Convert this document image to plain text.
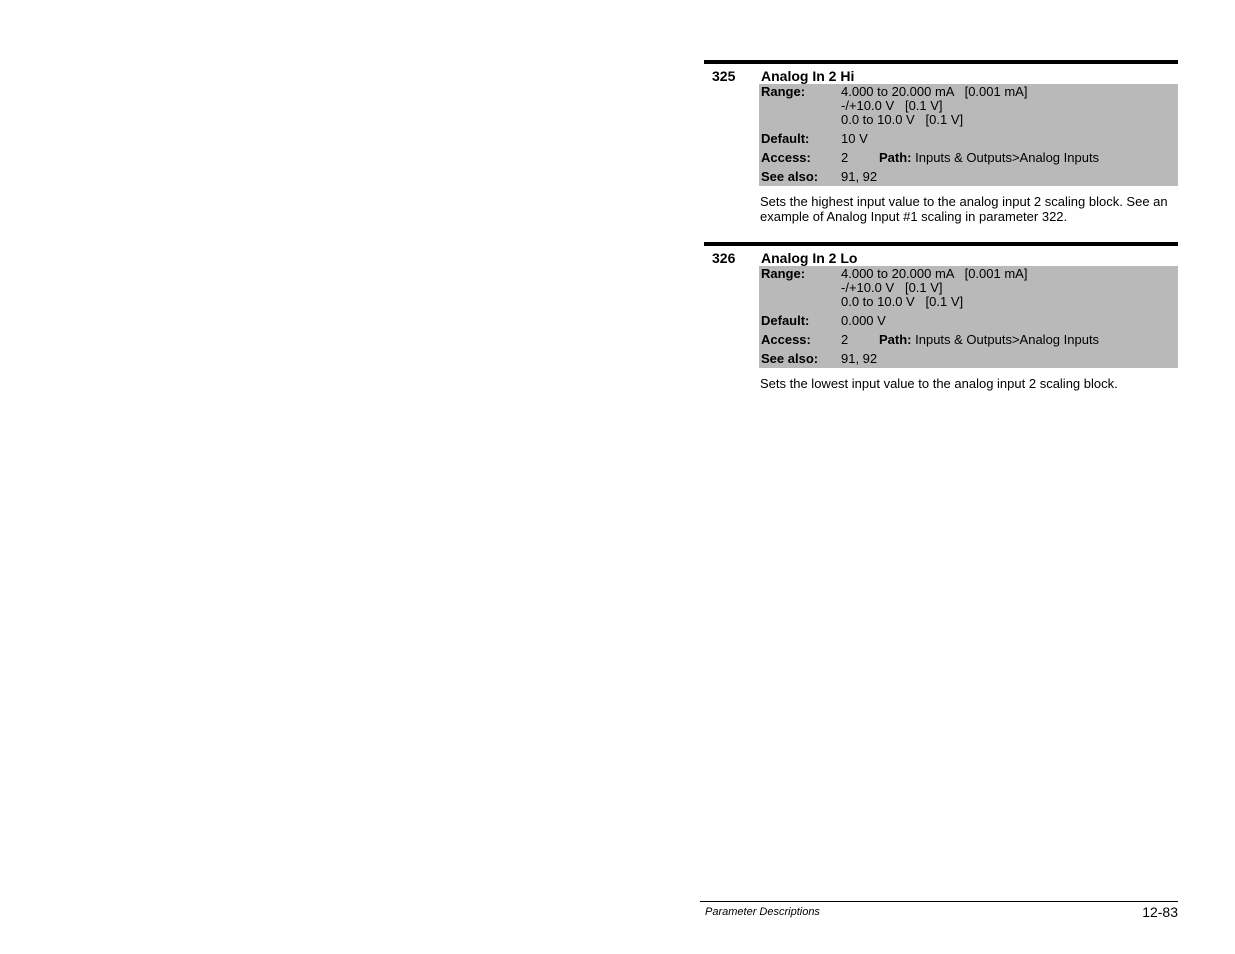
325 Analog In 2 Hi
Range:	4.000 to 20.000 mA   [0.001 mA]
-/+10.0 V   [0.1 V]
0.0 to 10.0 V   [0.1 V]
Default:	10 V
Access:	2 Path: Inputs & Outputs>Analog Inputs
See also:	91, 92
Sets the highest input value to the analog input 2 scaling block. See an example of Analog Input #1 scaling in parameter 322.
326 Analog In 2 Lo
Range:	4.000 to 20.000 mA   [0.001 mA]
-/+10.0 V   [0.1 V]
0.0 to 10.0 V   [0.1 V]
Default:	0.000 V
Access:	2 Path: Inputs & Outputs>Analog Inputs
See also:	91, 92
Sets the lowest input value to the analog input 2 scaling block.
Parameter Descriptions	12-83
